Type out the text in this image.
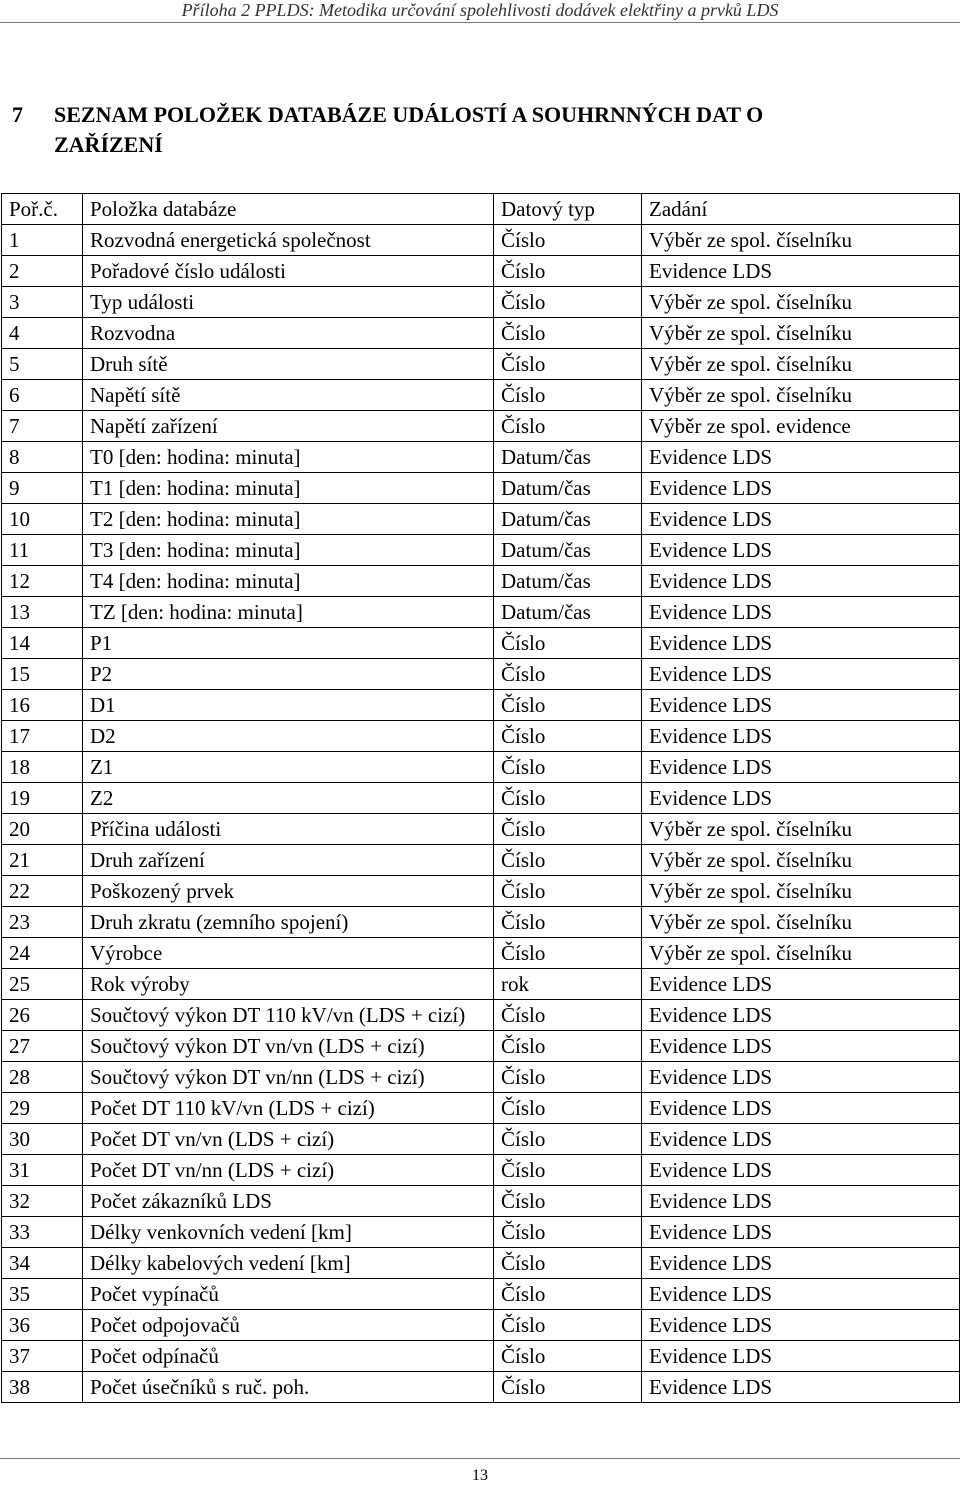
Příloha 2 PPLDS: Metodika určování spolehlivosti dodávek elektřiny a prvků LDS
7 SEZNAM POLOŽEK DATABÁZE UDÁLOSTÍ A SOUHRNNÝCH DAT O
ZAŘÍZENÍ
Poř.č.	Položka databáze	Datový typ	Zadání
1	Rozvodná energetická společnost	Číslo	Výběr ze spol. číselníku
2	Pořadové číslo události	Číslo	Evidence LDS
3	Typ události	Číslo	Výběr ze spol. číselníku
4	Rozvodna	Číslo	Výběr ze spol. číselníku
5	Druh sítě	Číslo	Výběr ze spol. číselníku
6	Napětí sítě	Číslo	Výběr ze spol. číselníku
7	Napětí zařízení	Číslo	Výběr ze spol. evidence
8	T0 [den: hodina: minuta]	Datum/čas	Evidence LDS
9	T1 [den: hodina: minuta]	Datum/čas	Evidence LDS
10	T2 [den: hodina: minuta]	Datum/čas	Evidence LDS
11	T3 [den: hodina: minuta]	Datum/čas	Evidence LDS
12	T4 [den: hodina: minuta]	Datum/čas	Evidence LDS
13	TZ [den: hodina: minuta]	Datum/čas	Evidence LDS
14	P1	Číslo	Evidence LDS
15	P2	Číslo	Evidence LDS
16	D1	Číslo	Evidence LDS
17	D2	Číslo	Evidence LDS
18	Z1	Číslo	Evidence LDS
19	Z2	Číslo	Evidence LDS
20	Příčina události	Číslo	Výběr ze spol. číselníku
21	Druh zařízení	Číslo	Výběr ze spol. číselníku
22	Poškozený prvek	Číslo	Výběr ze spol. číselníku
23	Druh zkratu (zemního spojení)	Číslo	Výběr ze spol. číselníku
24	Výrobce	Číslo	Výběr ze spol. číselníku
25	Rok výroby	rok	Evidence LDS
26	Součtový výkon DT 110 kV/vn (LDS + cizí)	Číslo	Evidence LDS
27	Součtový výkon DT vn/vn (LDS + cizí)	Číslo	Evidence LDS
28	Součtový výkon DT vn/nn (LDS + cizí)	Číslo	Evidence LDS
29	Počet DT 110 kV/vn (LDS + cizí)	Číslo	Evidence LDS
30	Počet DT vn/vn (LDS + cizí)	Číslo	Evidence LDS
31	Počet DT vn/nn (LDS + cizí)	Číslo	Evidence LDS
32	Počet zákazníků LDS	Číslo	Evidence LDS
33	Délky venkovních vedení [km]	Číslo	Evidence LDS
34	Délky kabelových vedení [km]	Číslo	Evidence LDS
35	Počet vypínačů	Číslo	Evidence LDS
36	Počet odpojovačů	Číslo	Evidence LDS
37	Počet odpínačů	Číslo	Evidence LDS
38	Počet úsečníků s ruč. poh.	Číslo	Evidence LDS
13
